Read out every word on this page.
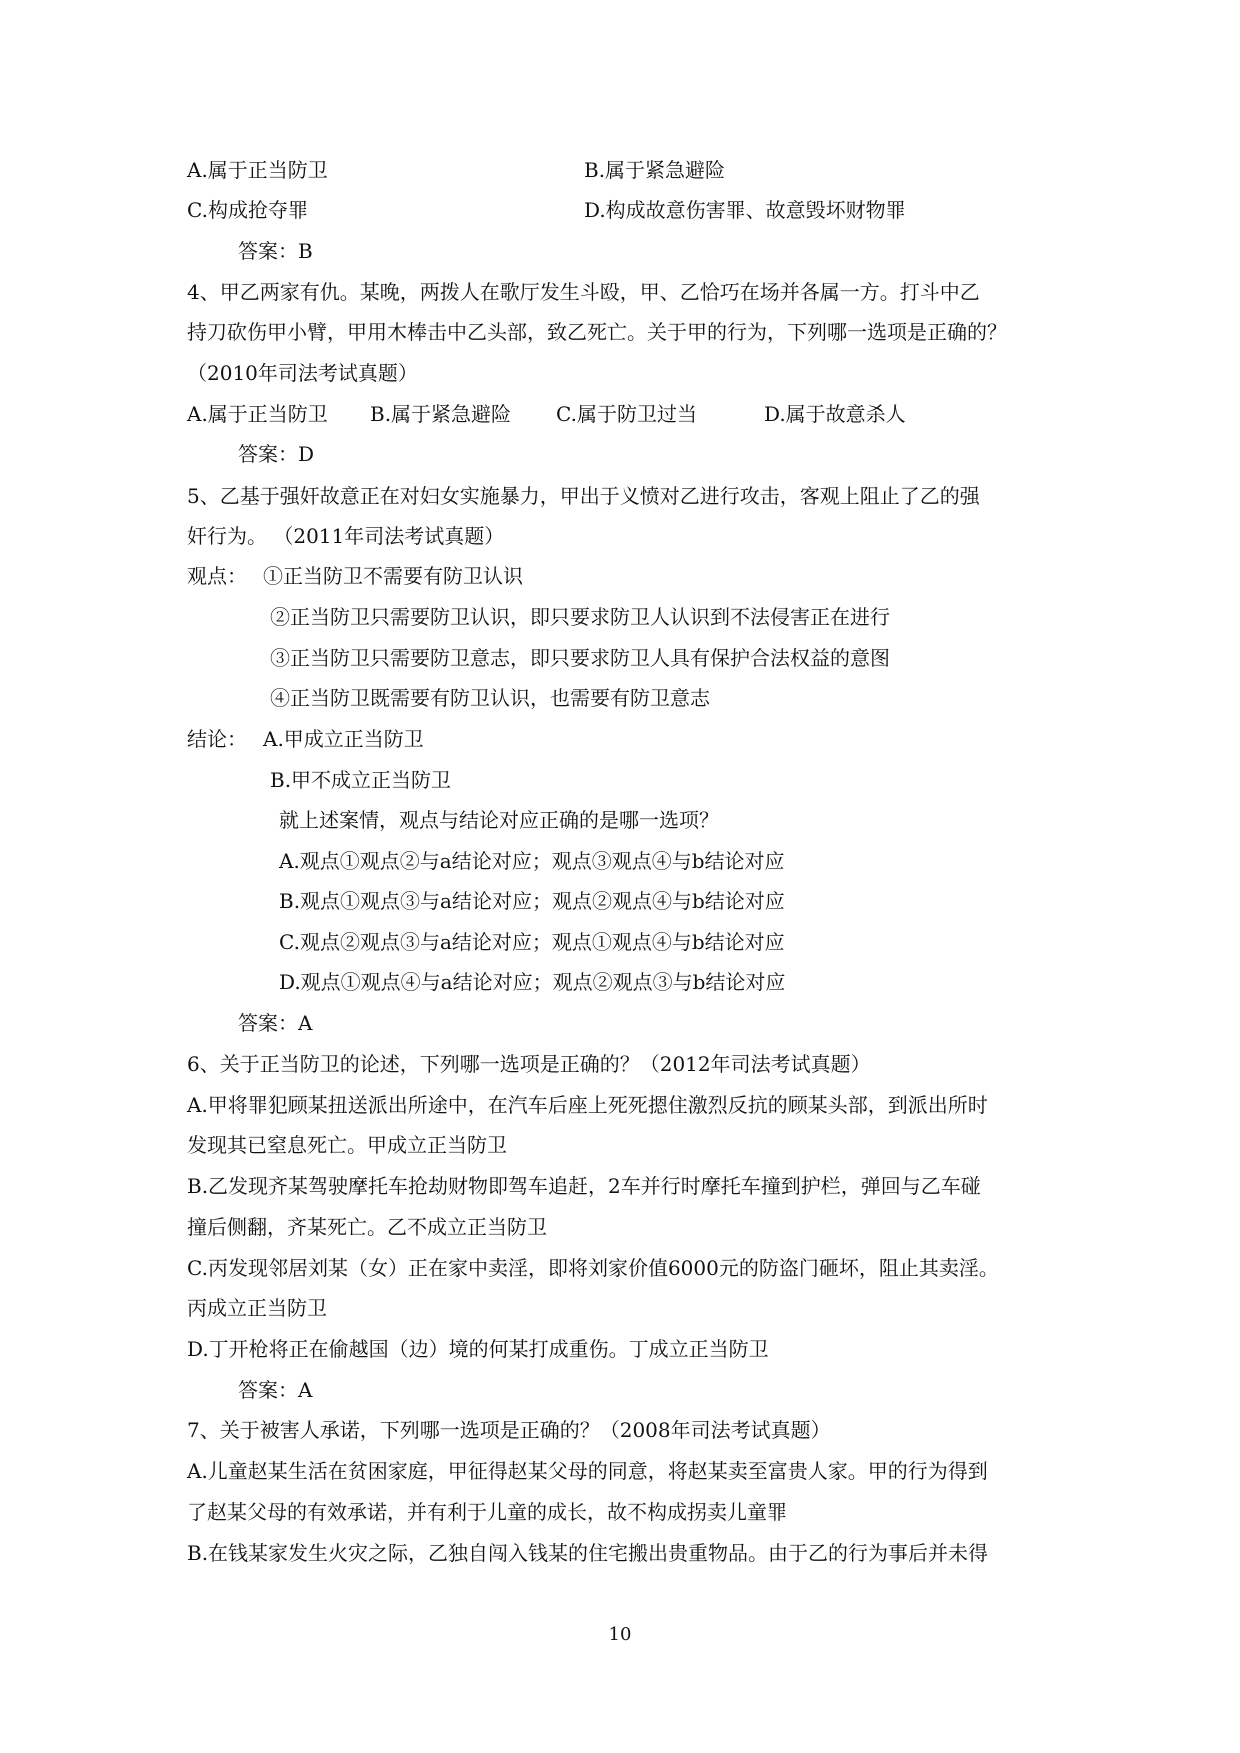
A.属于正当防卫	B.属于紧急避险
C.构成抢夺罪	D.构成故意伤害罪、故意毁坏财物罪
答案：B
4、甲乙两家有仇。某晚，两拨人在歌厅发生斗殴，甲、乙恰巧在场并各属一方。打斗中乙
持刀砍伤甲小臂，甲用木棒击中乙头部，致乙死亡。关于甲的行为，下列哪一选项是正确的？
（2010年司法考试真题）
A.属于正当防卫 B.属于紧急避险 C.属于防卫过当	D.属于故意杀人
答案：D
5、乙基于强奸故意正在对妇女实施暴力，甲出于义愤对乙进行攻击，客观上阻止了乙的强
奸行为。 （2011年司法考试真题）
观点： ①正当防卫不需要有防卫认识
②正当防卫只需要防卫认识，即只要求防卫人认识到不法侵害正在进行
③正当防卫只需要防卫意志，即只要求防卫人具有保护合法权益的意图
④正当防卫既需要有防卫认识，也需要有防卫意志
结论： A.甲成立正当防卫
B.甲不成立正当防卫
就上述案情，观点与结论对应正确的是哪一选项？
A.观点①观点②与a结论对应；观点③观点④与b结论对应
B.观点①观点③与a结论对应；观点②观点④与b结论对应
C.观点②观点③与a结论对应；观点①观点④与b结论对应
D.观点①观点④与a结论对应；观点②观点③与b结论对应
答案：A
6、关于正当防卫的论述，下列哪一选项是正确的？（2012年司法考试真题）
A.甲将罪犯顾某扭送派出所途中，在汽车后座上死死摁住激烈反抗的顾某头部，到派出所时
发现其已窒息死亡。甲成立正当防卫
B.乙发现齐某驾驶摩托车抢劫财物即驾车追赶，2车并行时摩托车撞到护栏，弹回与乙车碰
撞后侧翻，齐某死亡。乙不成立正当防卫
C.丙发现邻居刘某（女）正在家中卖淫，即将刘家价值6000元的防盗门砸坏，阻止其卖淫。
丙成立正当防卫
D.丁开枪将正在偷越国（边）境的何某打成重伤。丁成立正当防卫
答案：A
7、关于被害人承诺，下列哪一选项是正确的？（2008年司法考试真题）
A.儿童赵某生活在贫困家庭，甲征得赵某父母的同意，将赵某卖至富贵人家。甲的行为得到
了赵某父母的有效承诺，并有利于儿童的成长，故不构成拐卖儿童罪
B.在钱某家发生火灾之际，乙独自闯入钱某的住宅搬出贵重物品。由于乙的行为事后并未得
10
